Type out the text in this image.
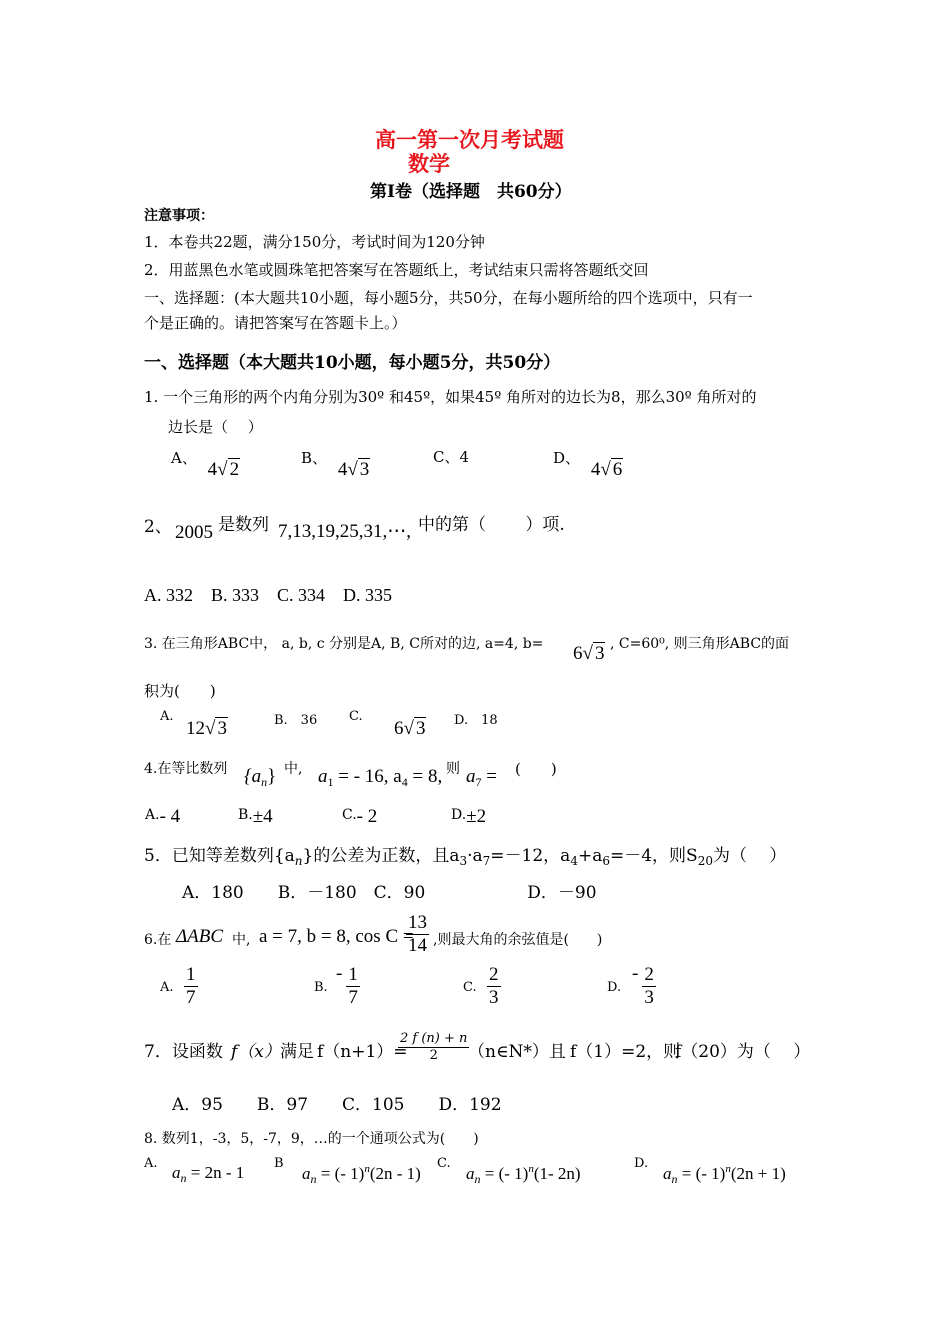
高一第一次月考试题
数学
第Ⅰ卷（选择题　共60分）
注意事项：
1．本卷共22题，满分150分，考试时间为120分钟
2．用蓝黑色水笔或圆珠笔把答案写在答题纸上，考试结束只需将答题纸交回
一、选择题：(本大题共10小题，每小题5分，共50分，在每小题所给的四个选项中，只有一
个是正确的。请把答案写在答题卡上。）
一、选择题（本大题共10小题，每小题5分，共50分）
1. 一个三角形的两个内角分别为30º 和45º，如果45º 角所对的边长为8，那么30º 角所对的
边长是（　 ）
A、 4√ 2
B、 4√ 3
C、4	D、 4√ 6
2、 2005 是数列 7,13,19,25,31,⋯, 中的第（　　 ）项.
A. 332　B. 333　C. 334　D. 335
3. 在三角形ABC中， a, b, c 分别是A, B, C所对的边, a=4, b= 6√ 3 , C=60⁰, 则三角形ABC的面
积为(　　)
A.
12√ 3	B.　36 C.
6√ 3 D.　18
4.在等比数列 $\{a_n\}$ 中, $a_1$ = - 16, $a_4 = 8$, 则 $a_7$ = (　　)
A.- 4	B.±4	C.- 2	D.±2
5．已知等差数列$\{a_n\}$的公差为正数，且$a_3\cdot a_7=-12$，$a_4+a_6=-4$，则$S_{20}$为（　 ）
A．180　　B．－180　C．90　　　　　　D．－90
6.在 ΔABC 中, a = 7, b = 8, cos C =
$\frac{13}{14}$ ,则最大角的余弦值是(　　)
A. $\frac{1}{7}$	B.
- $\frac{1}{7}$	C. $\frac{2}{3}$	D.
- $\frac{2}{3}$
7．设函数 f（x） 满足 f（n+1）=
$\frac{2 f (n) + n}{2}$
（n∈N*）且 f（1）=2，则
f（20）为（　 ）
A．95　　B．97　　C．105　　D．192
8. 数列1，-3，5，-7，9，…的一个通项公式为(　　)
A. $a_n = 2n - 1$ B
$a_n$ = (- 1)$^n$(2n - 1)
C.
$a_n$ = (- 1)$^n$(1- 2n)
D.
$a_n$ = (- 1)$^n$(2n + 1)
